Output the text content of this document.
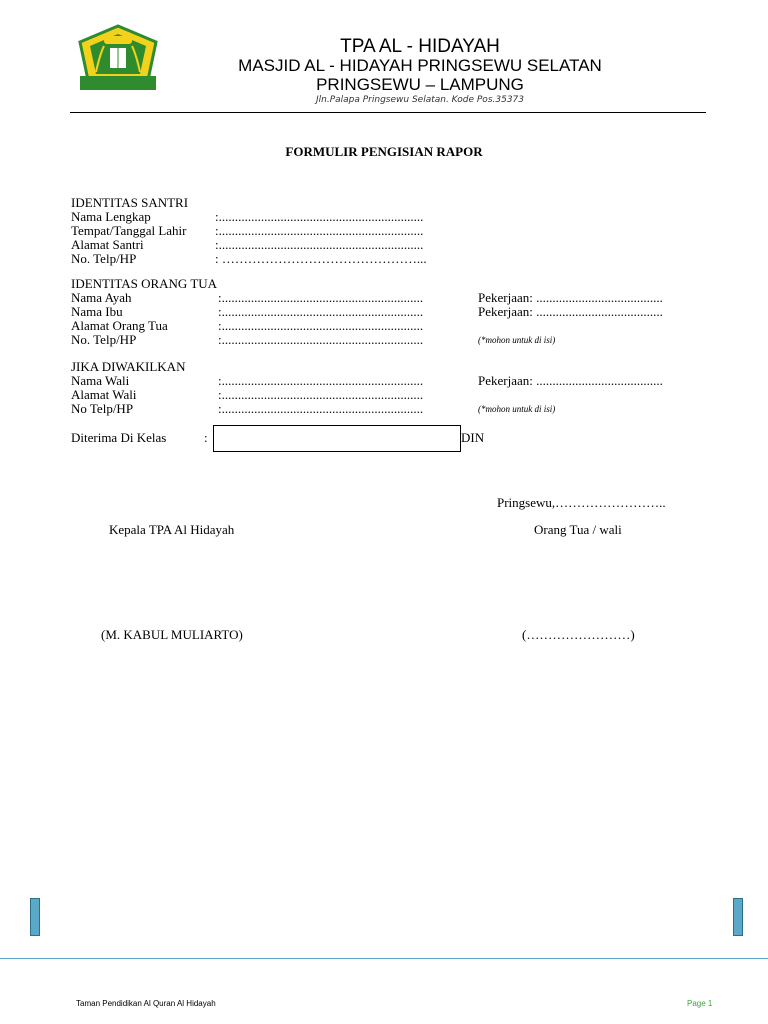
TPA AL - HIDAYAH
MASJID AL - HIDAYAH PRINGSEWU SELATAN
PRINGSEWU – LAMPUNG
Jln.Palapa Pringsewu Selatan. Kode Pos.35373
FORMULIR PENGISIAN RAPOR
IDENTITAS SANTRI
Nama Lengkap	:...............................................................
Tempat/Tanggal Lahir :...............................................................
Alamat Santri	:...............................................................
No. Telp/HP	: ………………………………………...
IDENTITAS ORANG TUA
Nama Ayah	:..............................................................	Pekerjaan: .......................................
Nama Ibu	:..............................................................	Pekerjaan: .......................................
Alamat Orang Tua	:..............................................................
No. Telp/HP	:..............................................................	(*mohon untuk di isi)
JIKA DIWAKILKAN
Nama Wali	:..............................................................	Pekerjaan: .......................................
Alamat Wali	:..............................................................
No Telp/HP	:..............................................................	(*mohon untuk di isi)
Diterima Di Kelas	:	DIN
Pringsewu,……………………..
Kepala TPA Al Hidayah	Orang Tua / wali
(M. KABUL MULIARTO)	(……………………)
Taman Pendidikan Al Quran Al Hidayah	Page 1
